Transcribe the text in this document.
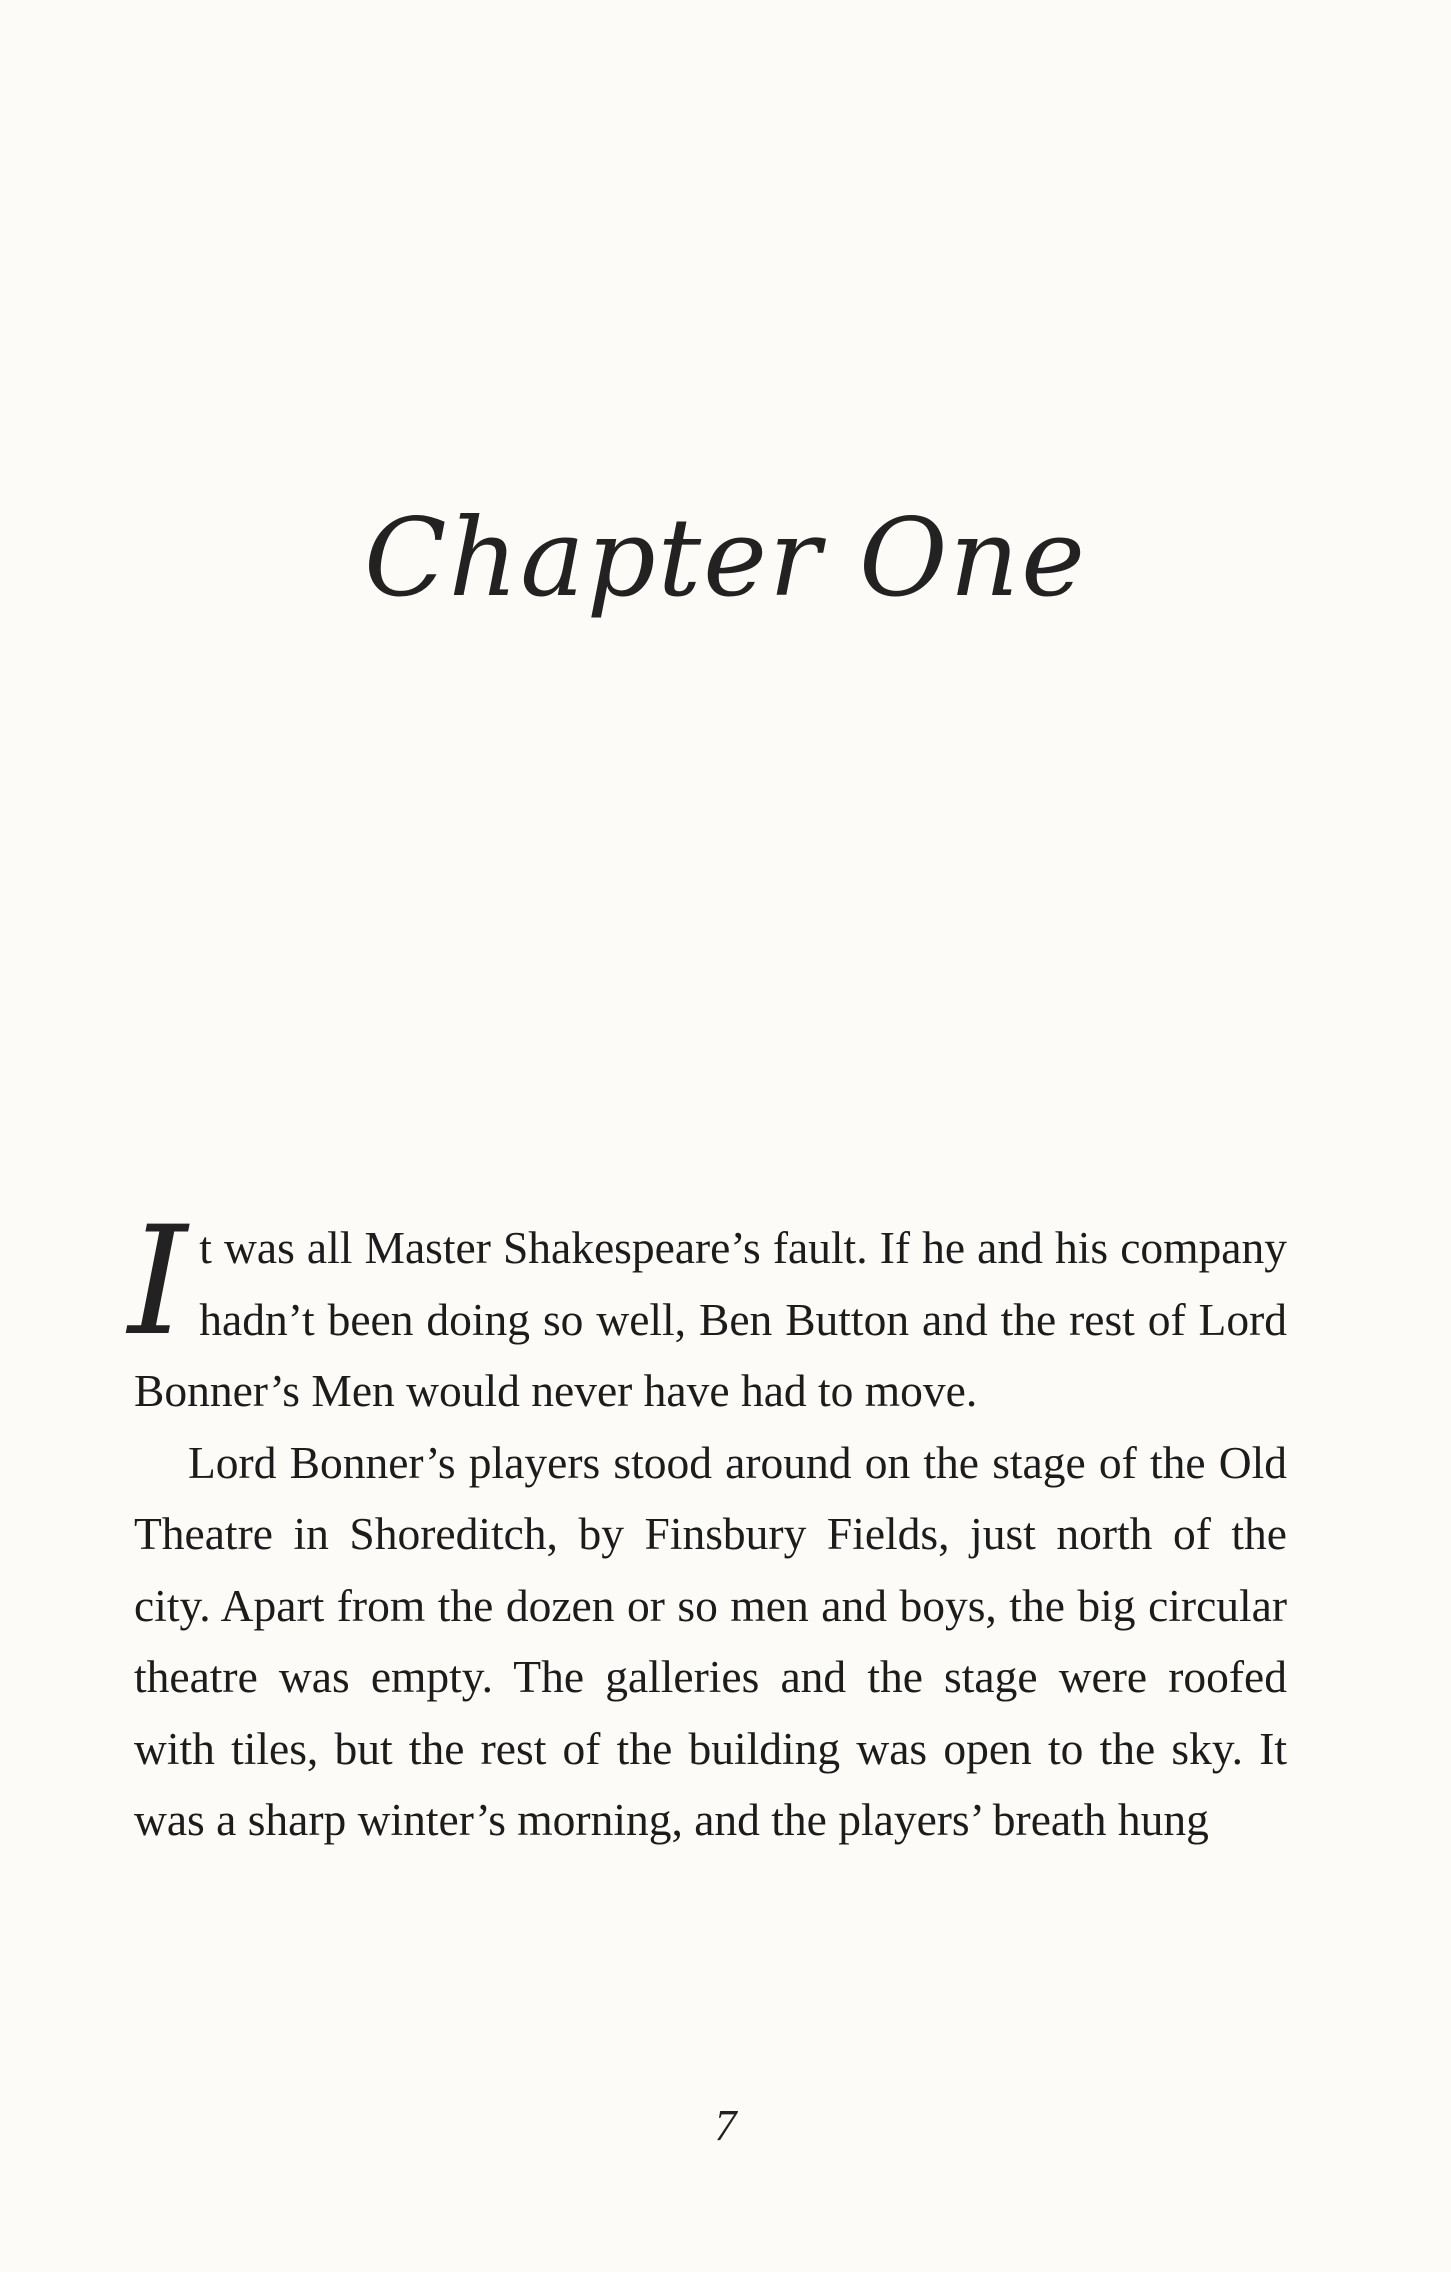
Chapter One

It was all Master Shakespeare’s fault. If he and his company hadn’t been doing so well, Ben Button and the rest of Lord Bonner’s Men would never have had to move.

Lord Bonner’s players stood around on the stage of the Old Theatre in Shoreditch, by Finsbury Fields, just north of the city. Apart from the dozen or so men and boys, the big circular theatre was empty. The galleries and the stage were roofed with tiles, but the rest of the building was open to the sky. It was a sharp winter’s morning, and the players’ breath hung

7
